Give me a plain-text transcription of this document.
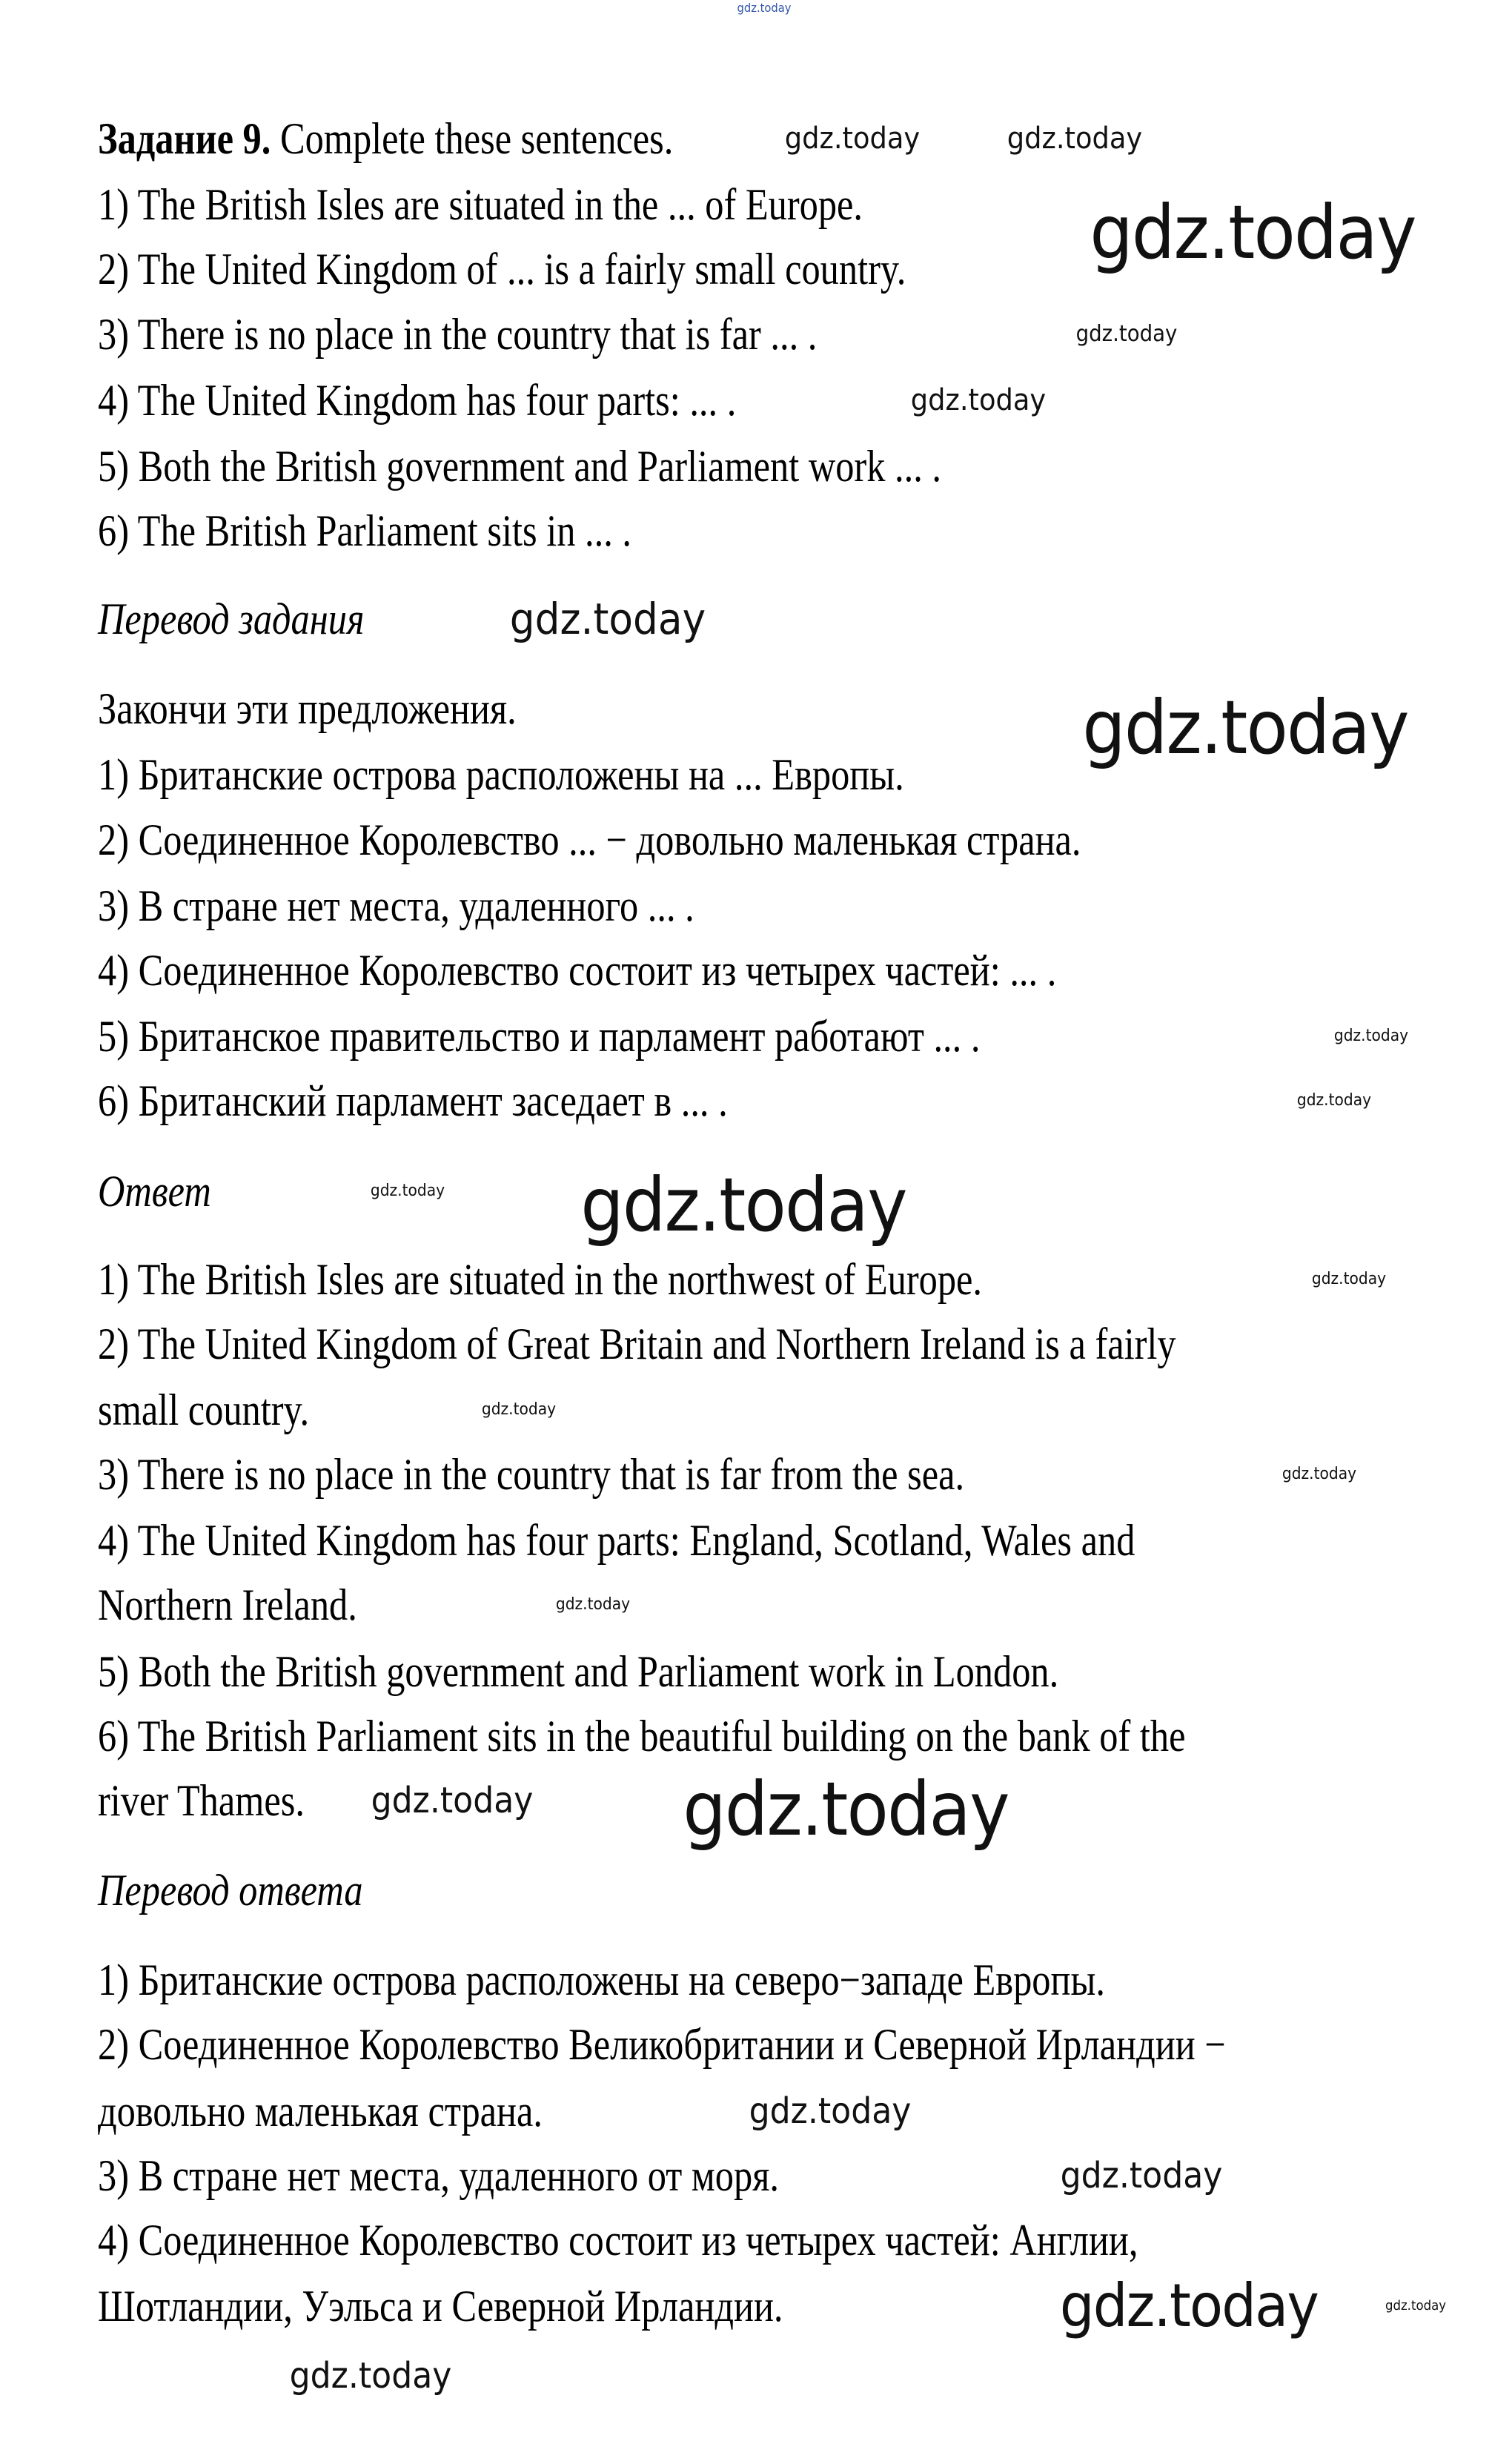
Задание 9. Complete these sentences.
1) The British Isles are situated in the ... of Europe.
2) The United Kingdom of ... is a fairly small country.
3) There is no place in the country that is far ... .
4) The United Kingdom has four parts: ... .
5) Both the British government and Parliament work ... .
6) The British Parliament sits in ... .
Перевод задания
Закончи эти предложения.
1) Британские острова расположены на ... Европы.
2) Соединенное Королевство ... − довольно маленькая страна.
3) В стране нет места, удаленного ... .
4) Соединенное Королевство состоит из четырех частей: ... .
5) Британское правительство и парламент работают ... .
6) Британский парламент заседает в ... .
Ответ
1) The British Isles are situated in the northwest of Europe.
2) The United Kingdom of Great Britain and Northern Ireland is a fairly
small country.
3) There is no place in the country that is far from the sea.
4) The United Kingdom has four parts: England, Scotland, Wales and
Northern Ireland.
5) Both the British government and Parliament work in London.
6) The British Parliament sits in the beautiful building on the bank of the
river Thames.
Перевод ответа
1) Британские острова расположены на северо−западе Европы.
2) Соединенное Королевство Великобритании и Северной Ирландии −
довольно маленькая страна.
3) В стране нет места, удаленного от моря.
4) Соединенное Королевство состоит из четырех частей: Англии,
Шотландии, Уэльса и Северной Ирландии.
gdz.today
gdz.today	gdz.today
gdz.today
gdz.today
gdz.today
gdz.today
gdz.today
gdz.today
gdz.today
gdz.today gdz.today
gdz.today
gdz.today
gdz.today
gdz.today
gdz.today
gdz.today
gdz.today
gdz.today
gdz.today
gdz.today
gdz.today
